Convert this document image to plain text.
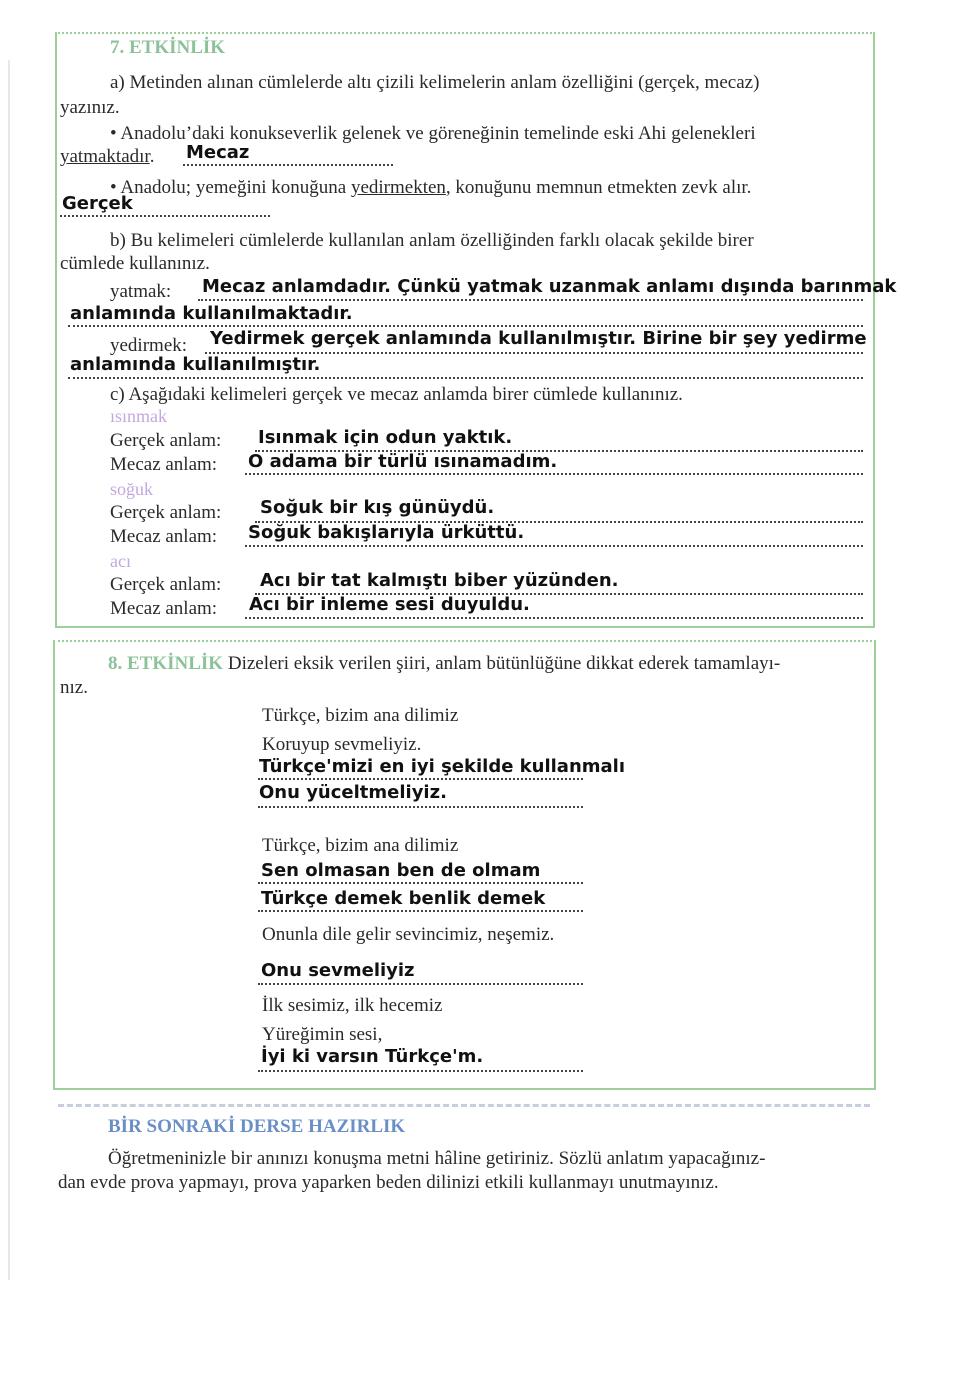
7. ETKİNLİK
a) Metinden alınan cümlelerde altı çizili kelimelerin anlam özelliğini (gerçek, mecaz)
yazınız.
• Anadolu’daki konukseverlik gelenek ve göreneğinin temelinde eski Ahi gelenekleri
yatmaktadır. Mecaz
• Anadolu; yemeğini konuğuna yedirmekten, konuğunu memnun etmekten zevk alır.
Gerçek
b) Bu kelimeleri cümlelerde kullanılan anlam özelliğinden farklı olacak şekilde birer
cümlede kullanınız.
yatmak: Mecaz anlamdadır. Çünkü yatmak uzanmak anlamı dışında barınmak
anlamında kullanılmaktadır.
yedirmek: Yedirmek gerçek anlamında kullanılmıştır. Birine bir şey yedirme
anlamında kullanılmıştır.
c) Aşağıdaki kelimeleri gerçek ve mecaz anlamda birer cümlede kullanınız.
ısınmak
Gerçek anlam: Isınmak için odun yaktık.
Mecaz anlam: O adama bir türlü ısınamadım.
soğuk
Gerçek anlam: Soğuk bir kış günüydü.
Mecaz anlam: Soğuk bakışlarıyla ürküttü.
acı
Gerçek anlam: Acı bir tat kalmıştı biber yüzünden.
Mecaz anlam: Acı bir inleme sesi duyuldu.
8. ETKİNLİK Dizeleri eksik verilen şiiri, anlam bütünlüğüne dikkat ederek tamamlayı-
nız.
Türkçe, bizim ana dilimiz
Koruyup sevmeliyiz.
Türkçe'mizi en iyi şekilde kullanmalı
Onu yüceltmeliyiz.
Türkçe, bizim ana dilimiz
Sen olmasan ben de olmam
Türkçe demek benlik demek
Onunla dile gelir sevincimiz, neşemiz.
Onu sevmeliyiz
İlk sesimiz, ilk hecemiz
Yüreğimin sesi,
İyi ki varsın Türkçe'm.
BİR SONRAKİ DERSE HAZIRLIK
Öğretmeninizle bir anınızı konuşma metni hâline getiriniz. Sözlü anlatım yapacağınız-
dan evde prova yapmayı, prova yaparken beden dilinizi etkili kullanmayı unutmayınız.
